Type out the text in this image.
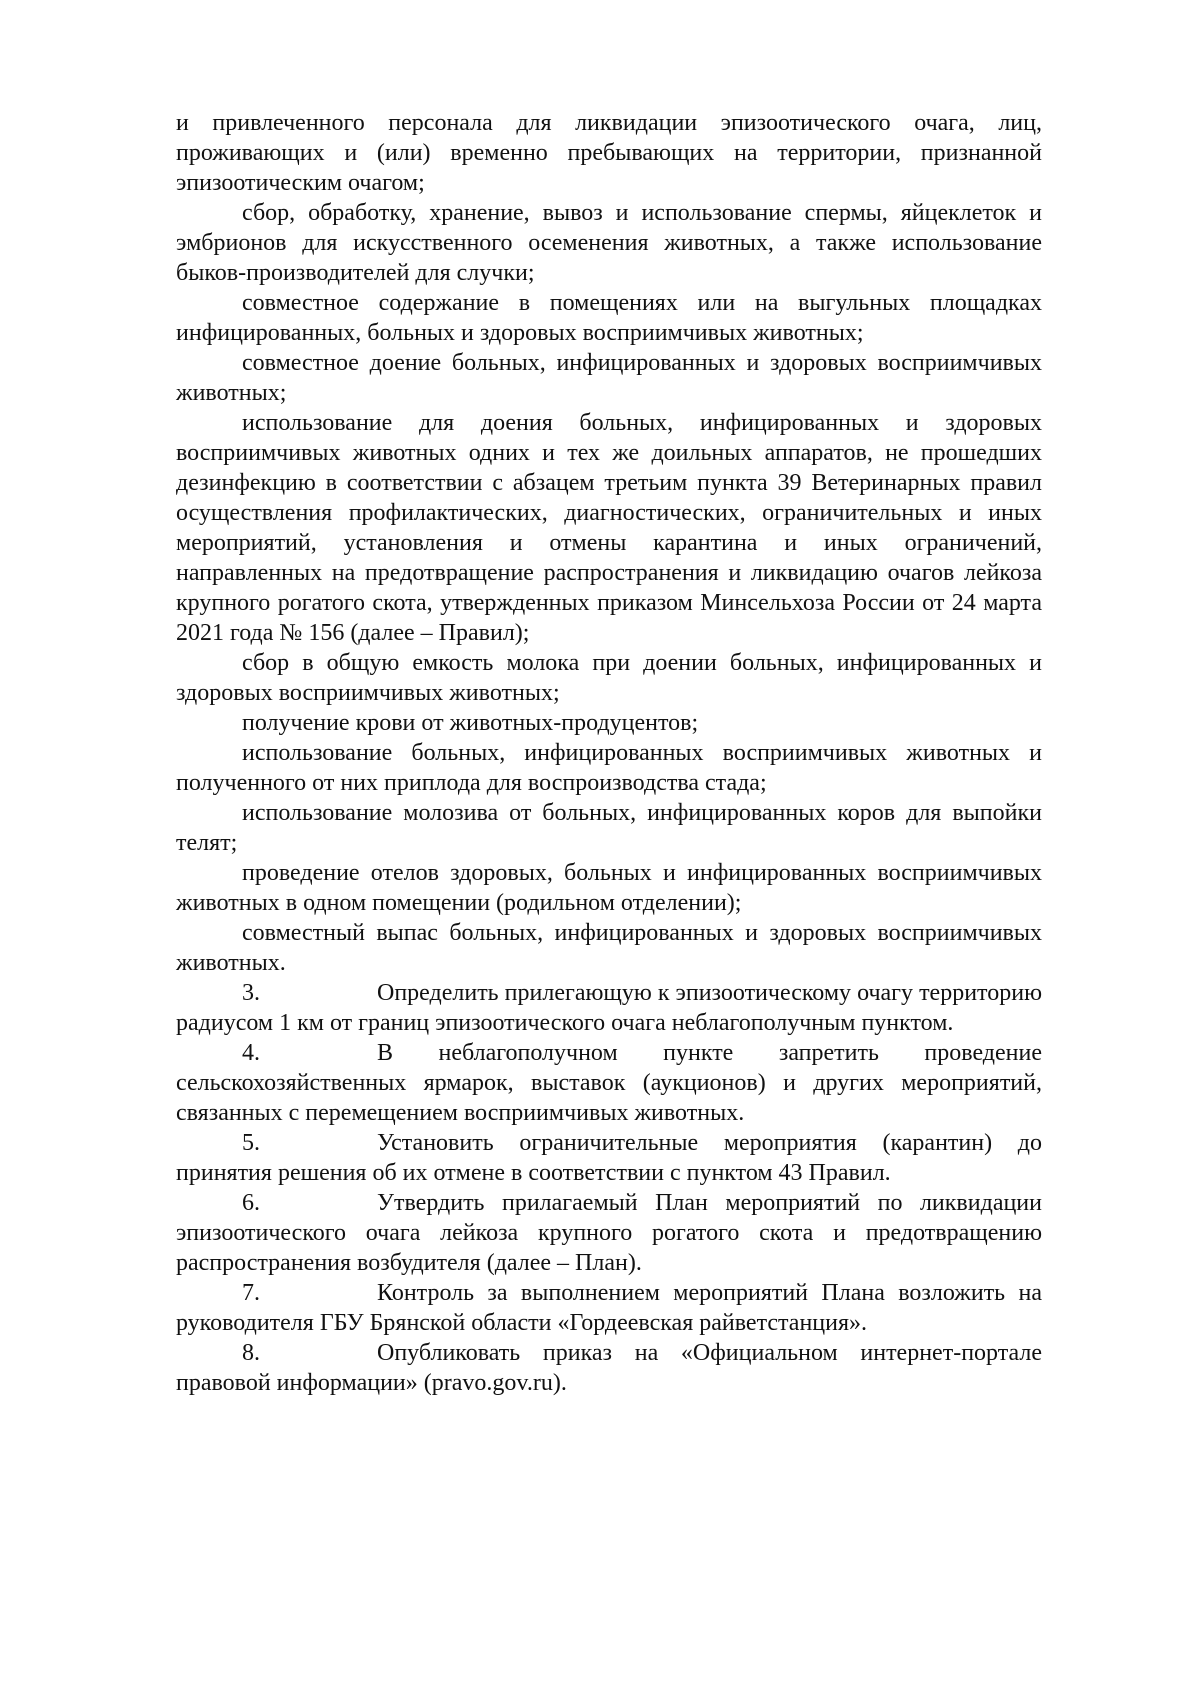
и привлеченного персонала для ликвидации эпизоотического очага, лиц, проживающих и (или) временно пребывающих на территории, признанной эпизоотическим очагом;

сбор, обработку, хранение, вывоз и использование спермы, яйцеклеток и эмбрионов для искусственного осеменения животных, а также использование быков-производителей для случки;

совместное содержание в помещениях или на выгульных площадках инфицированных, больных и здоровых восприимчивых животных;

совместное доение больных, инфицированных и здоровых восприимчивых животных;

использование для доения больных, инфицированных и здоровых восприимчивых животных одних и тех же доильных аппаратов, не прошедших дезинфекцию в соответствии с абзацем третьим пункта 39 Ветеринарных правил осуществления профилактических, диагностических, ограничительных и иных мероприятий, установления и отмены карантина и иных ограничений, направленных на предотвращение распространения и ликвидацию очагов лейкоза крупного рогатого скота, утвержденных приказом Минсельхоза России от 24 марта 2021 года № 156 (далее – Правил);

сбор в общую емкость молока при доении больных, инфицированных и здоровых восприимчивых животных;

получение крови от животных-продуцентов;

использование больных, инфицированных восприимчивых животных и полученного от них приплода для воспроизводства стада;

использование молозива от больных, инфицированных коров для выпойки телят;

проведение отелов здоровых, больных и инфицированных восприимчивых животных в одном помещении (родильном отделении);

совместный выпас больных, инфицированных и здоровых восприимчивых животных.

3.	Определить прилегающую к эпизоотическому очагу территорию радиусом 1 км от границ эпизоотического очага неблагополучным пунктом.

4.	В неблагополучном пункте запретить проведение сельскохозяйственных ярмарок, выставок (аукционов) и других мероприятий, связанных с перемещением восприимчивых животных.

5.	Установить ограничительные мероприятия (карантин) до принятия решения об их отмене в соответствии с пунктом 43 Правил.

6.	Утвердить прилагаемый План мероприятий по ликвидации эпизоотического очага лейкоза крупного рогатого скота и предотвращению распространения возбудителя (далее – План).

7.	Контроль за выполнением мероприятий Плана возложить на руководителя ГБУ Брянской области «Гордеевская райветстанция».

8.	Опубликовать приказ на «Официальном интернет-портале правовой информации» (pravo.gov.ru).
